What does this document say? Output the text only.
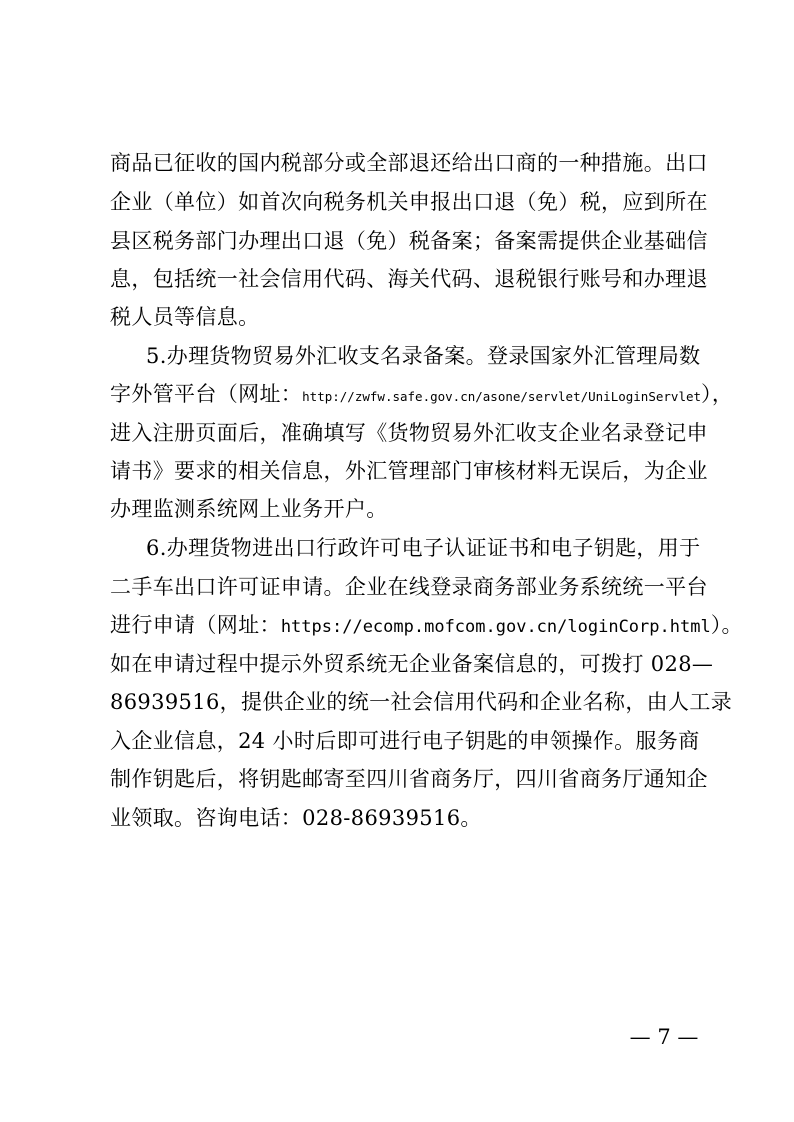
商品已征收的国内税部分或全部退还给出口商的一种措施。出口
企业（单位）如首次向税务机关申报出口退（免）税，应到所在
县区税务部门办理出口退（免）税备案；备案需提供企业基础信
息，包括统一社会信用代码、海关代码、退税银行账号和办理退
税人员等信息。
5.办理货物贸易外汇收支名录备案。登录国家外汇管理局数
字外管平台（网址：http://zwfw.safe.gov.cn/asone/servlet/UniLoginServlet），
进入注册页面后，准确填写《货物贸易外汇收支企业名录登记申
请书》要求的相关信息，外汇管理部门审核材料无误后，为企业
办理监测系统网上业务开户。
6.办理货物进出口行政许可电子认证证书和电子钥匙，用于
二手车出口许可证申请。企业在线登录商务部业务系统统一平台
进行申请（网址：https://ecomp.mofcom.gov.cn/loginCorp.html）。
如在申请过程中提示外贸系统无企业备案信息的，可拨打 028—
86939516，提供企业的统一社会信用代码和企业名称，由人工录
入企业信息，24 小时后即可进行电子钥匙的申领操作。服务商
制作钥匙后，将钥匙邮寄至四川省商务厅，四川省商务厅通知企
业领取。咨询电话：028-86939516。
— 7 —
